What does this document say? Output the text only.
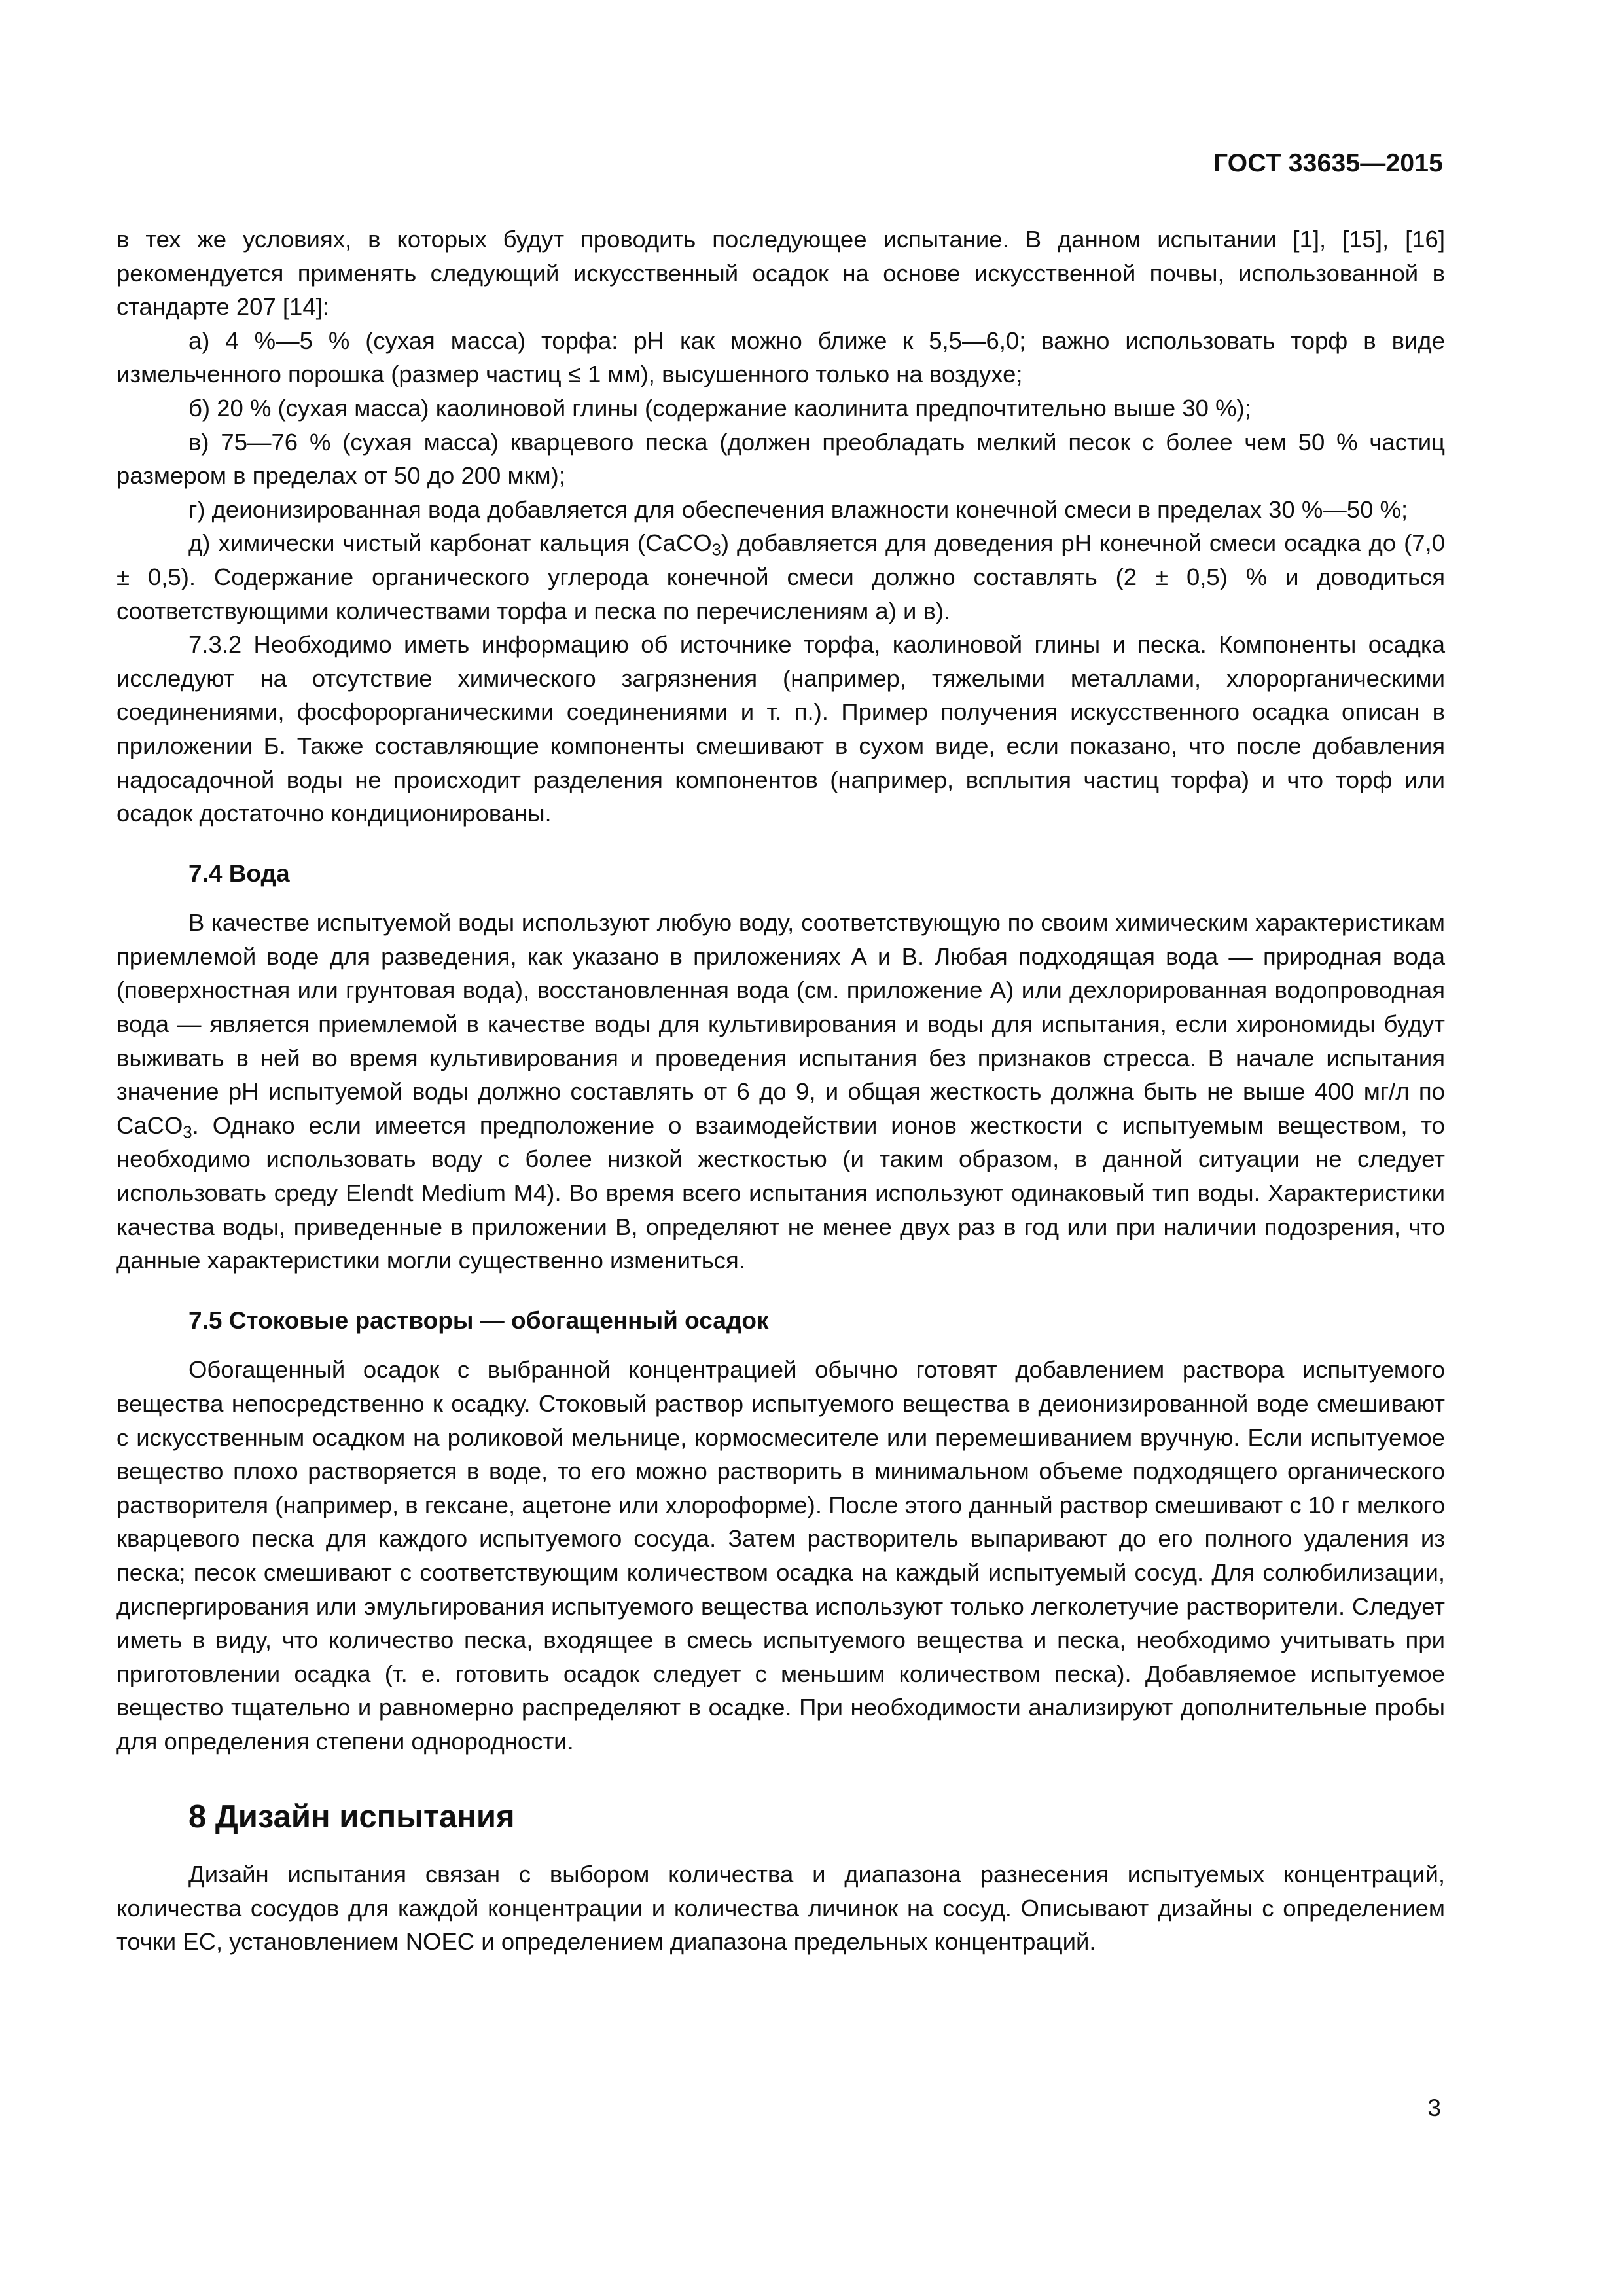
ГОСТ 33635—2015

в тех же условиях, в которых будут проводить последующее испытание. В данном испытании [1], [15], [16] рекомендуется применять следующий искусственный осадок на основе искусственной почвы, использованной в стандарте 207 [14]:

а) 4 %—5 % (сухая масса) торфа: рН как можно ближе к 5,5—6,0; важно использовать торф в виде измельченного порошка (размер частиц ≤ 1 мм), высушенного только на воздухе;

б) 20 % (сухая масса) каолиновой глины (содержание каолинита предпочтительно выше 30 %);

в) 75—76 % (сухая масса) кварцевого песка (должен преобладать мелкий песок с более чем 50 % частиц размером в пределах от 50 до 200 мкм);

г) деионизированная вода добавляется для обеспечения влажности конечной смеси в пределах 30 %—50 %;

д) химически чистый карбонат кальция (CaCO$_3$) добавляется для доведения рН конечной смеси осадка до (7,0 ± 0,5). Содержание органического углерода конечной смеси должно составлять (2 ± 0,5) % и доводиться соответствующими количествами торфа и песка по перечислениям а) и в).

7.3.2 Необходимо иметь информацию об источнике торфа, каолиновой глины и песка. Компоненты осадка исследуют на отсутствие химического загрязнения (например, тяжелыми металлами, хлорорганическими соединениями, фосфорорганическими соединениями и т. п.). Пример получения искусственного осадка описан в приложении Б. Также составляющие компоненты смешивают в сухом виде, если показано, что после добавления надосадочной воды не происходит разделения компонентов (например, всплытия частиц торфа) и что торф или осадок достаточно кондиционированы.

7.4 Вода

В качестве испытуемой воды используют любую воду, соответствующую по своим химическим характеристикам приемлемой воде для разведения, как указано в приложениях А и В. Любая подходящая вода — природная вода (поверхностная или грунтовая вода), восстановленная вода (см. приложение А) или дехлорированная водопроводная вода — является приемлемой в качестве воды для культивирования и воды для испытания, если хирономиды будут выживать в ней во время культивирования и проведения испытания без признаков стресса. В начале испытания значение рН испытуемой воды должно составлять от 6 до 9, и общая жесткость должна быть не выше 400 мг/л по CaCO$_3$. Однако если имеется предположение о взаимодействии ионов жесткости с испытуемым веществом, то необходимо использовать воду с более низкой жесткостью (и таким образом, в данной ситуации не следует использовать среду Elendt Medium M4). Во время всего испытания используют одинаковый тип воды. Характеристики качества воды, приведенные в приложении В, определяют не менее двух раз в год или при наличии подозрения, что данные характеристики могли существенно измениться.

7.5 Стоковые растворы — обогащенный осадок

Обогащенный осадок с выбранной концентрацией обычно готовят добавлением раствора испытуемого вещества непосредственно к осадку. Стоковый раствор испытуемого вещества в деионизированной воде смешивают с искусственным осадком на роликовой мельнице, кормосмесителе или перемешиванием вручную. Если испытуемое вещество плохо растворяется в воде, то его можно растворить в минимальном объеме подходящего органического растворителя (например, в гексане, ацетоне или хлороформе). После этого данный раствор смешивают с 10 г мелкого кварцевого песка для каждого испытуемого сосуда. Затем растворитель выпаривают до его полного удаления из песка; песок смешивают с соответствующим количеством осадка на каждый испытуемый сосуд. Для солюбилизации, диспергирования или эмульгирования испытуемого вещества используют только легколетучие растворители. Следует иметь в виду, что количество песка, входящее в смесь испытуемого вещества и песка, необходимо учитывать при приготовлении осадка (т. е. готовить осадок следует с меньшим количеством песка). Добавляемое испытуемое вещество тщательно и равномерно распределяют в осадке. При необходимости анализируют дополнительные пробы для определения степени однородности.

8 Дизайн испытания

Дизайн испытания связан с выбором количества и диапазона разнесения испытуемых концентраций, количества сосудов для каждой концентрации и количества личинок на сосуд. Описывают дизайны с определением точки ЕС, установлением NOEC и определением диапазона предельных концентраций.

3
